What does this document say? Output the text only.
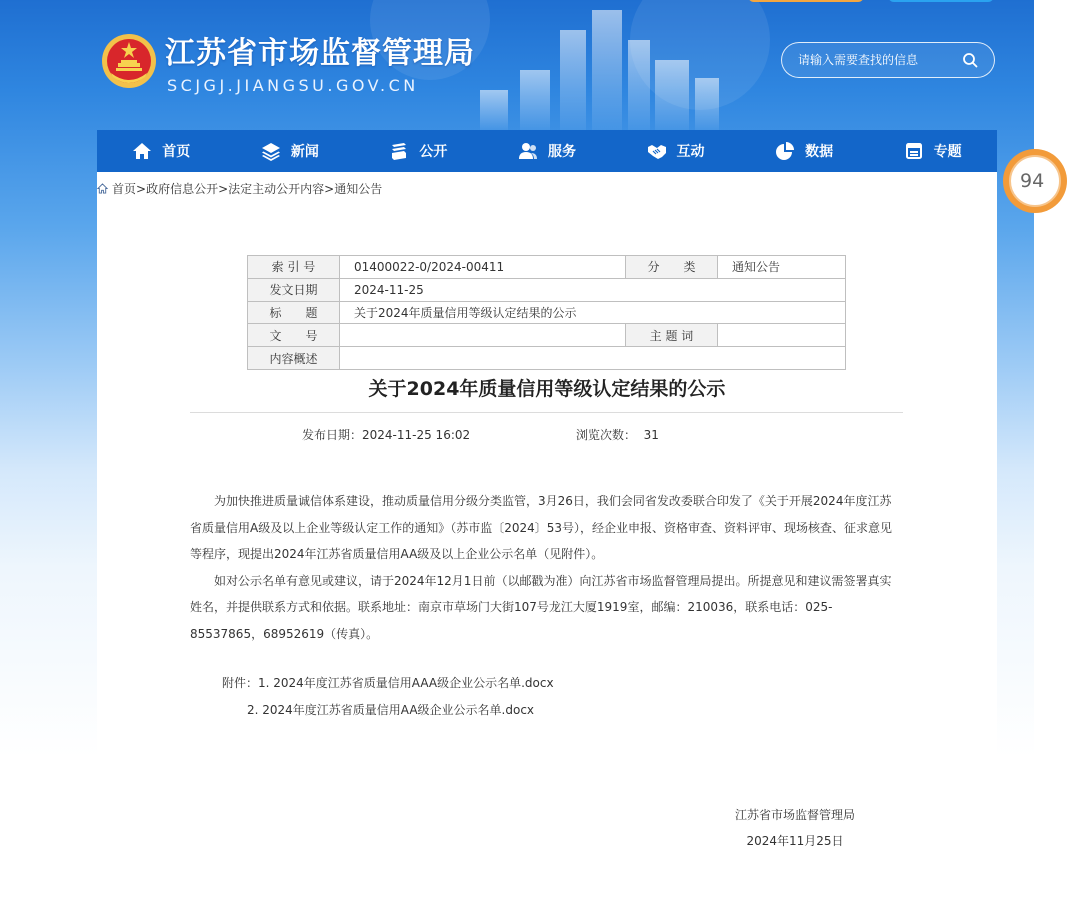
江苏省市场监督管理局
SCJGJ.JIANGSU.GOV.CN
请输入需要查找的信息
首页	新闻	公开	服务	互动	数据	专题
首页 > 政府信息公开 > 法定主动公开内容 > 通知公告
索 引 号	01400022-0/2024-00411	分　　类	通知公告
发文日期	2024-11-25		
标　　题	关于2024年质量信用等级认定结果的公示		
文　　号		主 题 词	
内容概述			
关于2024年质量信用等级认定结果的公示
发布日期：2024-11-25 16:02	浏览次数：  31

为加快推进质量诚信体系建设，推动质量信用分级分类监管，3月26日，我们会同省发改委联合印发了《关于开展2024年度江苏省质量信用A级及以上企业等级认定工作的通知》（苏市监〔2024〕53号），经企业申报、资格审查、资料评审、现场核查、征求意见等程序，现提出2024年江苏省质量信用AA级及以上企业公示名单（见附件）。

如对公示名单有意见或建议，请于2024年12月1日前（以邮戳为准）向江苏省市场监督管理局提出。所提意见和建议需签署真实姓名，并提供联系方式和依据。联系地址：南京市草场门大街107号龙江大厦1919室，邮编：210036，联系电话：025-85537865，68952619（传真）。

附件：1. 2024年度江苏省质量信用AAA级企业公示名单.docx
2. 2024年度江苏省质量信用AA级企业公示名单.docx
江苏省市场监督管理局
2024年11月25日
94
